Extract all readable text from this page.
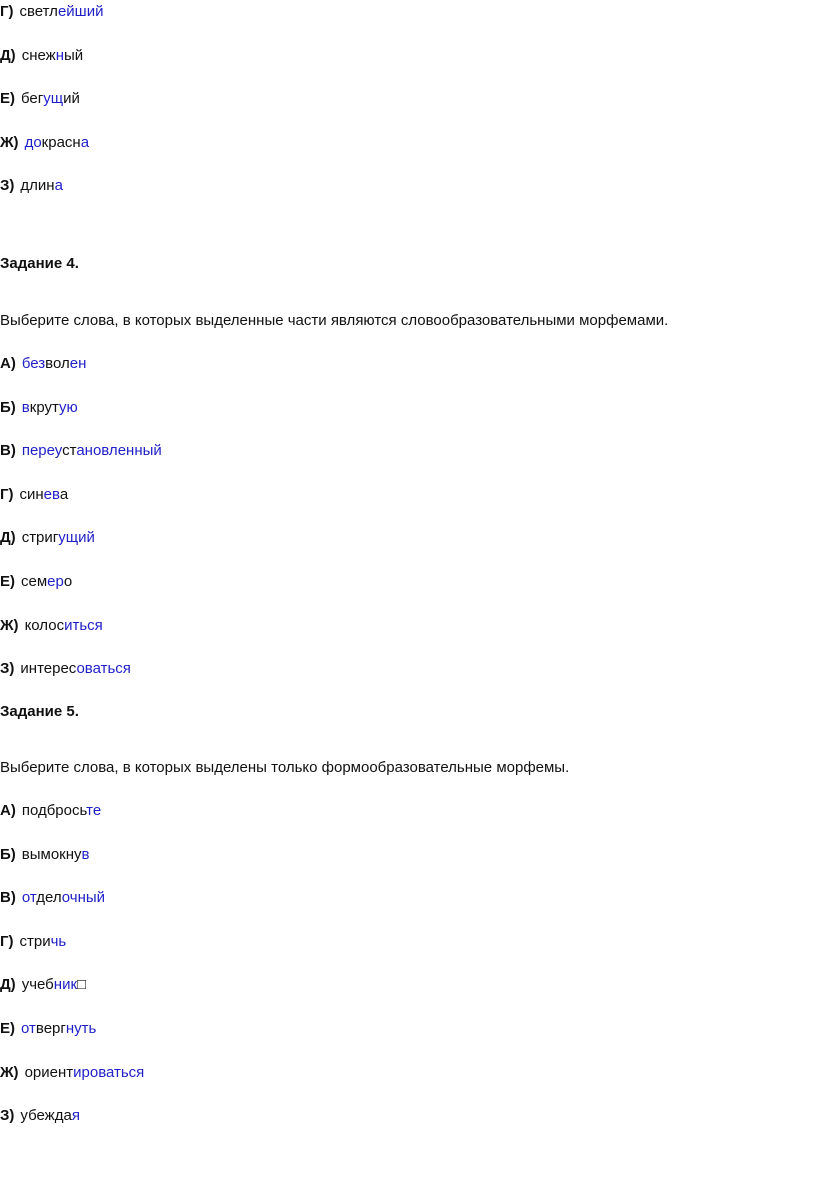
Г) светлейший
Д) снежный
Е) бегущий
Ж) докрасна
З) длина
Задание 4.
Выберите слова, в которых выделенные части являются словообразовательными морфемами.
А) безволен
Б) вкрутую
В) переустановленный
Г) синева
Д) стригущий
Е) семеро
Ж) колоситься
З) интересоваться
Задание 5.
Выберите слова, в которых выделены только формообразовательные морфемы.
А) подбросьте
Б) вымокнув
В) отделочный
Г) стричь
Д) учебник□
Е) отвергнуть
Ж) ориентироваться
З) убеждая
